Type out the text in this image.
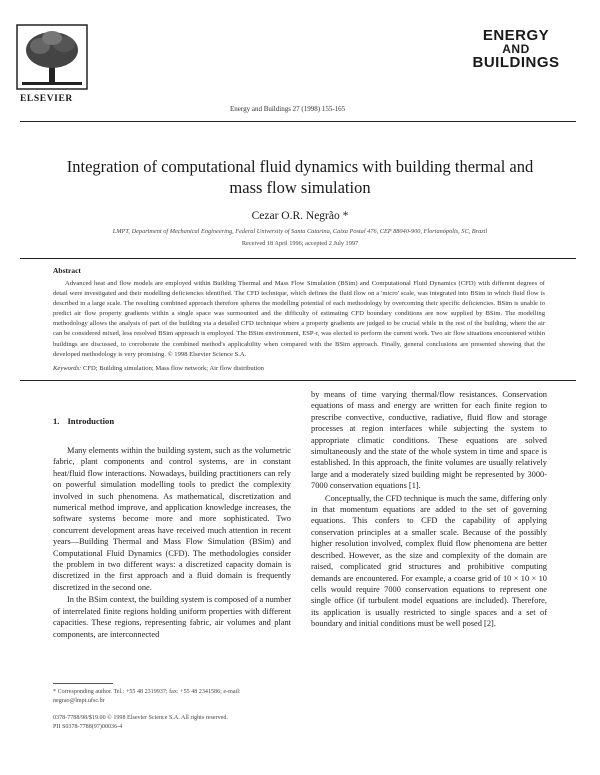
ELSEVIER
Energy and Buildings 27 (1998) 155-165
ENERGY
AND
BUILDINGS
Integration of computational fluid dynamics with building thermal and mass flow simulation
Cezar O.R. Negrão *
LMPT, Department of Mechanical Engineering, Federal University of Santa Catarina, Caixa Postal 476, CEP 88040-900, Florianópolis, SC, Brazil
Received 18 April 1996; accepted 2 July 1997
Abstract
Advanced heat and flow models are employed within Building Thermal and Mass Flow Simulation (BSim) and Computational Fluid Dynamics (CFD) with different degrees of detail were investigated and their modelling deficiencies identified. The CFD technique, which defines the fluid flow on a 'micro' scale, was integrated into BSim in which fluid flow is described in a large scale. The resulting combined approach therefore spheres the modelling potential of each methodology by overcoming their specific deficiencies. BSim is unable to predict air flow property gradients within a single space was surmounted and the difficulty of estimating CFD boundary conditions are now supplied by BSim. The modelling methodology allows the analysis of part of the building via a detailed CFD technique where a property gradients are judged to be crucial while in the rest of the building, where the air can be considered mixed, less resolved BSim approach is employed. The BSim environment, ESP-r, was elected to perform the current work. Two air flow situations encountered within buildings are discussed, to corroborate the combined method's applicability when compared with the BSim approach. Finally, general conclusions are presented showing that the developed methodology is very promising. © 1998 Elsevier Science S.A.
Keywords: CFD; Building simulation; Mass flow network; Air flow distribution
1. Introduction

Many elements within the building system, such as the volumetric fabric, plant components and control systems, are in constant heat/fluid flow interactions. Nowadays, building practitioners can rely on powerful simulation modelling tools to predict the complexity involved in such phenomena. As mathematical, discretization and numerical method improve, and application knowledge increases, the software systems become more and more sophisticated. Two concurrent development areas have received much attention in recent years—Building Thermal and Mass Flow Simulation (BSim) and Computational Fluid Dynamics (CFD). The methodologies consider the problem in two different ways: a discretized capacity domain is discretized in the first approach and a fluid domain is frequently discretized in the second one.

In the BSim context, the building system is composed of a number of interrelated finite regions holding uniform properties with different capacities. These regions, representing fabric, air volumes and plant components, are interconnected

by means of time varying thermal/flow resistances. Conservation equations of mass and energy are written for each finite region to prescribe convective, conductive, radiative, fluid flow and storage processes at region interfaces while subjecting the system to appropriate climatic conditions. These equations are solved simultaneously and the state of the whole system in time and space is established. In this approach, the finite volumes are usually relatively large and a moderately sized building might be represented by 3000-7000 conservation equations [1].

Conceptually, the CFD technique is much the same, differing only in that momentum equations are added to the set of governing equations. This confers to CFD the capability of applying conservation principles at a smaller scale. Because of the possibly higher resolution involved, complex fluid flow phenomena are better described. However, as the size and complexity of the domain are raised, complicated grid structures and prohibitive computing demands are encountered. For example, a coarse grid of 10 × 10 × 10 cells would require 7000 conservation equations to represent one single office (if turbulent model equations are included). Therefore, its application is usually restricted to single spaces and a set of boundary and initial conditions must be well posed [2].

* Corresponding author. Tel.: +55 48 2319937; fax: +55 48 2341586; e-mail: negrao@lmpt.ufsc.br
0378-7788/98/$19.00 © 1998 Elsevier Science S.A. All rights reserved.
PII S0378-7788(97)00036-4
